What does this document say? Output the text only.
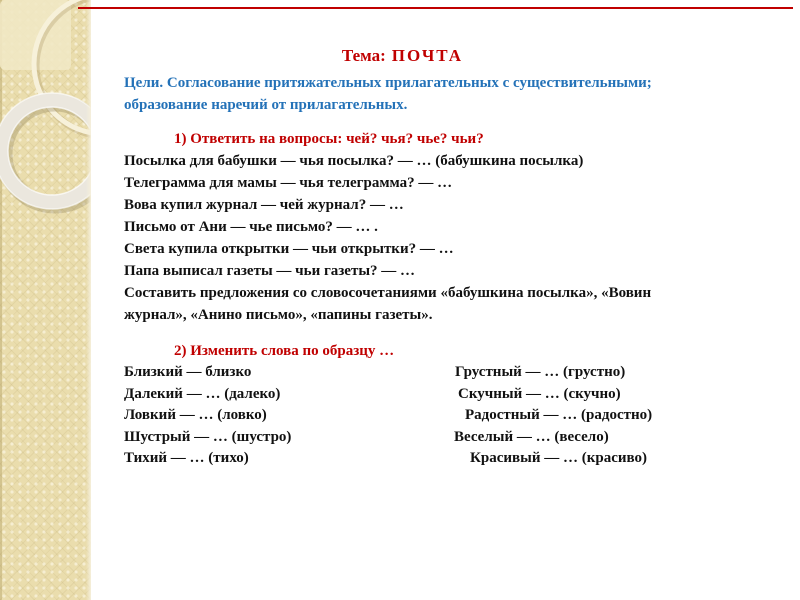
Тема: ПОЧТА
Цели. Согласование притяжательных прилагательных с существительными;
образование наречий от прилагательных.
1) Ответить на вопросы: чей? чья? чье? чьи?
Посылка для бабушки — чья посылка? — … (бабушкина посылка)
Телеграмма для мамы — чья телеграмма? — …
Вова купил журнал — чей журнал? — …
Письмо от Ани — чье письмо? — … .
Света купила открытки — чьи открытки? — …
Папа выписал газеты — чьи газеты? — …
Составить предложения со словосочетаниями «бабушкина посылка», «Вовин
журнал», «Анино письмо», «папины газеты».
2) Изменить слова по образцу …
Близкий — близко	Грустный — … (грустно)
Далекий — … (далеко)	Скучный — … (скучно)
Ловкий — … (ловко)	Радостный — … (радостно)
Шустрый — … (шустро)	Веселый — … (весело)
Тихий — … (тихо)	Красивый — … (красиво)
